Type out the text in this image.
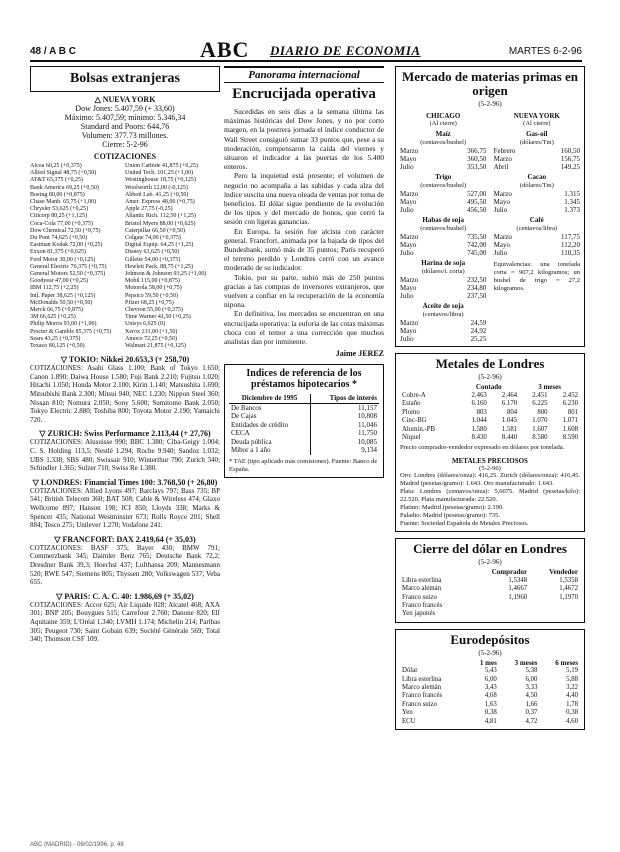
48 / A B C	ABC DIARIO DE ECONOMIA	MARTES 6-2-96
Bolsas extranjeras
△ NUEVA YORK
Dow Jones: 5.407,59 (+ 33,60)
Máximo: 5.407,59; mínimo: 5.346,34
Standard and Poors: 644,76
Volumen: 377.73 millones.
Cierre: 5-2-96
COTIZACIONES
Alcoa 60,25 (+0,375)
Allied Signal 48,75 (+0,50)
AT&T 65,375 (+0,25)
Bank America 69,25 (+0,50)
Boeing 80,00 (+0,875)
Chase Manh. 65,75 (+1,00)
Chrysler 53,625 (+0,25)
Citicorp 80,25 (+1,125)
Coca-Cola 77,00 (+0,375)
Dow Chemical 72,50 (+0,75)
Du Pont 74,625 (+0,50)
Eastman Kodak 72,00 (+0,25)
Exxon 81,375 (+0,625)
Ford Motor 30,00 (+0,125)
General Electric 76,375 (+0,75)
General Motors 52,50 (+0,375)
Goodyear 47,00 (+0,25)
IBM 112,75 (+2,25)
Intl. Paper 38,625 (+0,125)
McDonalds 50,50 (+0,50)
Merck 66,75 (+0,875)
3M 66,625 (+0,25)
Philip Morris 93,00 (+1,00)
Procter & Gamble 85,375 (+0,75)
Sears 43,25 (+0,375)
Texaco 80,125 (+0,50)
Union Carbide 41,875 (+0,25)
United Tech. 101,25 (+1,00)
Westinghouse 18,75 (+0,125)
Woolworth 12,00 (-0,125)
Abbott Lab. 41,25 (+0,50)
Amer. Express 48,00 (+0,75)
Apple 27,75 (-0,25)
Atlantic Rich. 112,50 (+1,25)
Bristol Myers 88,00 (+0,625)
Caterpillar 66,50 (+0,50)
Colgate 74,00 (+0,375)
Digital Equip. 64,25 (+1,25)
Disney 63,625 (+0,50)
Gillette 54,00 (+0,375)
Hewlett Pack. 88,75 (+1,25)
Johnson & Johnson 93,25 (+1,00)
Mobil 115,00 (+0,875)
Motorola 58,00 (+0,75)
Pepsico 59,50 (+0,50)
Pfizer 68,25 (+0,75)
Chevron 55,00 (+0,375)
Time Warner 41,50 (+0,25)
Unisys 6,625 (0)
Xerox 131,00 (+1,50)
Amoco 72,25 (+0,50)
Walmart 21,875 (+0,125)
▽ TOKIO: Nikkei 20.653,3 (+ 258,70)
COTIZACIONES: Asahi Glass 1.100; Bank of Tokyo 1.650; Canon 1.890; Daiwa House 1.580; Fuji Bank 2.210; Fujitsu 1.020; Hitachi 1.050; Honda Motor 2.100; Kirin 1.140; Matsushita 1.690; Mitsubishi Bank 2.300; Mitsui 940; NEC 1.230; Nippon Steel 360; Nissan 810; Nomura 2.050; Sony 5.600; Sumitomo Bank 2.050; Tokyo Electric 2.880; Toshiba 800; Toyota Motor 2.190; Yamaichi 720.
▽ ZURICH: Swiss Performance 2.113,44 (+ 27,76)
COTIZACIONES: Alusuisse 990; BBC 1.380; Ciba-Geigy 1.004; C. S. Holding 113,5; Nestlé 1.294; Roche 9.940; Sandoz 1.032; UBS 1.338; SBS 480; Swissair 910; Winterthur 790; Zurich 340; Schindler 1.365; Sulzer 710; Swiss Re 1.380.
▽ LONDRES: Financial Times 100: 3.768,50 (+ 26,80)
COTIZACIONES: Allied Lyons 497; Barclays 797; Bass 735; BP 541; British Telecom 360; BAT 508; Cable & Wireless 474; Glaxo Wellcome 897; Hanson 198; ICI 850; Lloyds 338; Marks & Spencer 435; National Westminster 673; Rolls Royce 201; Shell 884; Tesco 275; Unilever 1.270; Vodafone 241.
▽ FRANCFORT: DAX 2.419,64 (+ 35,03)
COTIZACIONES: BASF 375; Bayer 430; BMW 791; Commerzbank 345; Daimler Benz 765; Deutsche Bank 72,2; Dresdner Bank 39,3; Hoechst 437; Lufthansa 209; Mannesmann 520; RWE 547; Siemens 805; Thyssen 280; Volkswagen 537; Veba 655.
▽ PARIS: C. A. C. 40: 1.986,69 (+ 35,02)
COTIZACIONES: Accor 625; Air Liquide 828; Alcatel 468; AXA 301; BNP 205; Bouygues 515; Carrefour 2.760; Danone 820; Elf Aquitaine 359; L'Oréal 1.340; LVMH 1.174; Michelin 214; Paribas 305; Peugeot 730; Saint Gobain 639; Société Générale 569; Total 340; Thomson CSF 109.
Panorama internacional
Encrucijada operativa

Sucedidas en seis días a la semana última las máximas históricas del Dow Jones, y no por corto margen, en la postrera jornada el índice conductor de Wall Street consiguió sumar 33 puntos que, pese a su moderación, compensaron la caída del viernes y situaron el indicador a las puertas de los 5.400 enteros.

Pero la inquietud está presente; el volumen de negocio no acompaña a las subidas y cada alza del índice suscita una nueva oleada de ventas por toma de beneficios. El dólar sigue pendiente de la evolución de los tipos y del mercado de bonos, que cerró la sesión con ligeras ganancias.

En Europa, la sesión fue alcista con carácter general. Francfort, animada por la bajada de tipos del Bundesbank, sumó más de 35 puntos; París recuperó el terreno perdido y Londres cerró con un avance moderado de su indicador.

Tokio, por su parte, subió más de 250 puntos gracias a las compras de inversores extranjeros, que vuelven a confiar en la recuperación de la economía nipona.

En definitiva, los mercados se encuentran en una encrucijada operativa: la euforia de las cotas máximas choca con el temor a una corrección que muchos analistas dan por inminente.

Jaime JEREZ
Indices de referencia de los préstamos hipotecarios *
Diciembre de 1995	Tipos de interés
De Bancos	11,157
De Cajas	10,808
Entidades de crédito	11,046
CECA	11,750
Deuda pública	10,085
Mibor a 1 año	9,134
* TAE (tipo aplicado más comisiones). Fuente: Banco de España.
Mercado de materias primas en origen
(5-2-96)
CHICAGO
(Al cierre)
Maíz
(centavos/bushel)
Marzo	366,75
Mayo	360,50
Julio	353,50
Trigo
(centavos/bushel)
Marzo	527,00
Mayo	495,50
Julio	456,50
Habas de soja
(centavos/bushel)
Marzo	735,50
Mayo	742,00
Julio	745,00
Harina de soja
(dólares/t. corta)
Marzo	232,50
Mayo	234,80
Julio	237,50
Aceite de soja
(centavos/libra)
Marzo	24,59
Mayo	24,92
Julio	25,25
NUEVA YORK
(Al cierre)
Gas-oil
(dólares/Tm)
Febrero	160,50
Marzo	156,75
Abril	149,25
Cacao
(dólares/Tm)
Marzo	1.315
Mayo	1.345
Julio	1.373
Café
(centavos/libra)
Marzo	117,75
Mayo	112,20
Julio	110,35
Equivalencias: una tonelada corta = 907,2 kilogramos; un bushel de trigo = 27,2 kilogramos.
Metales de Londres
(5-2-96)
	Contado		3 meses	
Cobre-A	2.463	2.464	2.451	2.452
Estaño	6.160	6.170	6.225	6.230
Plomo	803	804	800	801
Cinc-BG	1.044	1.045	1.070	1.071
Alumin.-PB	1.580	1.581	1.607	1.608
Níquel	8.430	8.440	8.580	8.590
Precio comprador-vendedor expresado en dólares por tonelada.
METALES PRECIOSOS
(5-2-96)
Oro: Londres (dólares/onza): 416,25. Zurich (dólares/onza): 416,45. Madrid (pesetas/gramo): 1.643. Oro manufacturado: 1.643.
Plata: Londres (centavos/onza): 5,6075. Madrid (pesetas/kilo): 22.520. Plata manufacturada: 22.520.
Platino: Madrid (pesetas/gramo): 2.190.
Paladio: Madrid (pesetas/gramo): 735.
Fuente: Sociedad Española de Metales Preciosos.
Cierre del dólar en Londres
(5-2-96)
	Comprador	Vendedor
Libra esterlina	1,5348	1,5358
Marco alemán	1,4667	1,4672
Franco suizo	1,1960	1,1970
Franco francés		
Yen japonés		
Eurodepósitos
(5-2-96)
	1 mes	3 meses	6 meses
Dólar	5,43	5,38	5,19
Libra esterlina	6,00	6,00	5,88
Marco alemán	3,43	3,33	3,22
Franco francés	4,68	4,50	4,40
Franco suizo	1,63	1,66	1,78
Yen	0,38	0,37	0,38
ECU	4,81	4,72	4,60
ABC (MADRID) - 06/02/1996, p. 48
